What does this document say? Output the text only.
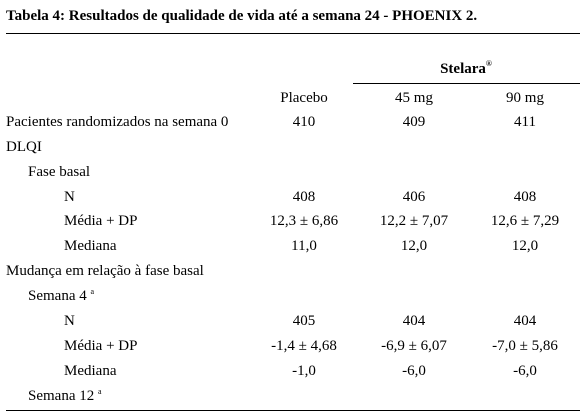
Tabela 4: Resultados de qualidade de vida até a semana 24 - PHOENIX 2.
Stelara®
Placebo	45 mg	90 mg
Pacientes randomizados na semana 0	410	409	411
DLQI
Fase basal
N	408	406	408
Média + DP	12,3 ± 6,86	12,2 ± 7,07	12,6 ± 7,29
Mediana	11,0	12,0	12,0
Mudança em relação à fase basal
Semana 4 $^a$
N	405	404	404
Média + DP	-1,4 ± 4,68	-6,9 ± 6,07	-7,0 ± 5,86
Mediana	-1,0	-6,0	-6,0
Semana 12 $^a$
